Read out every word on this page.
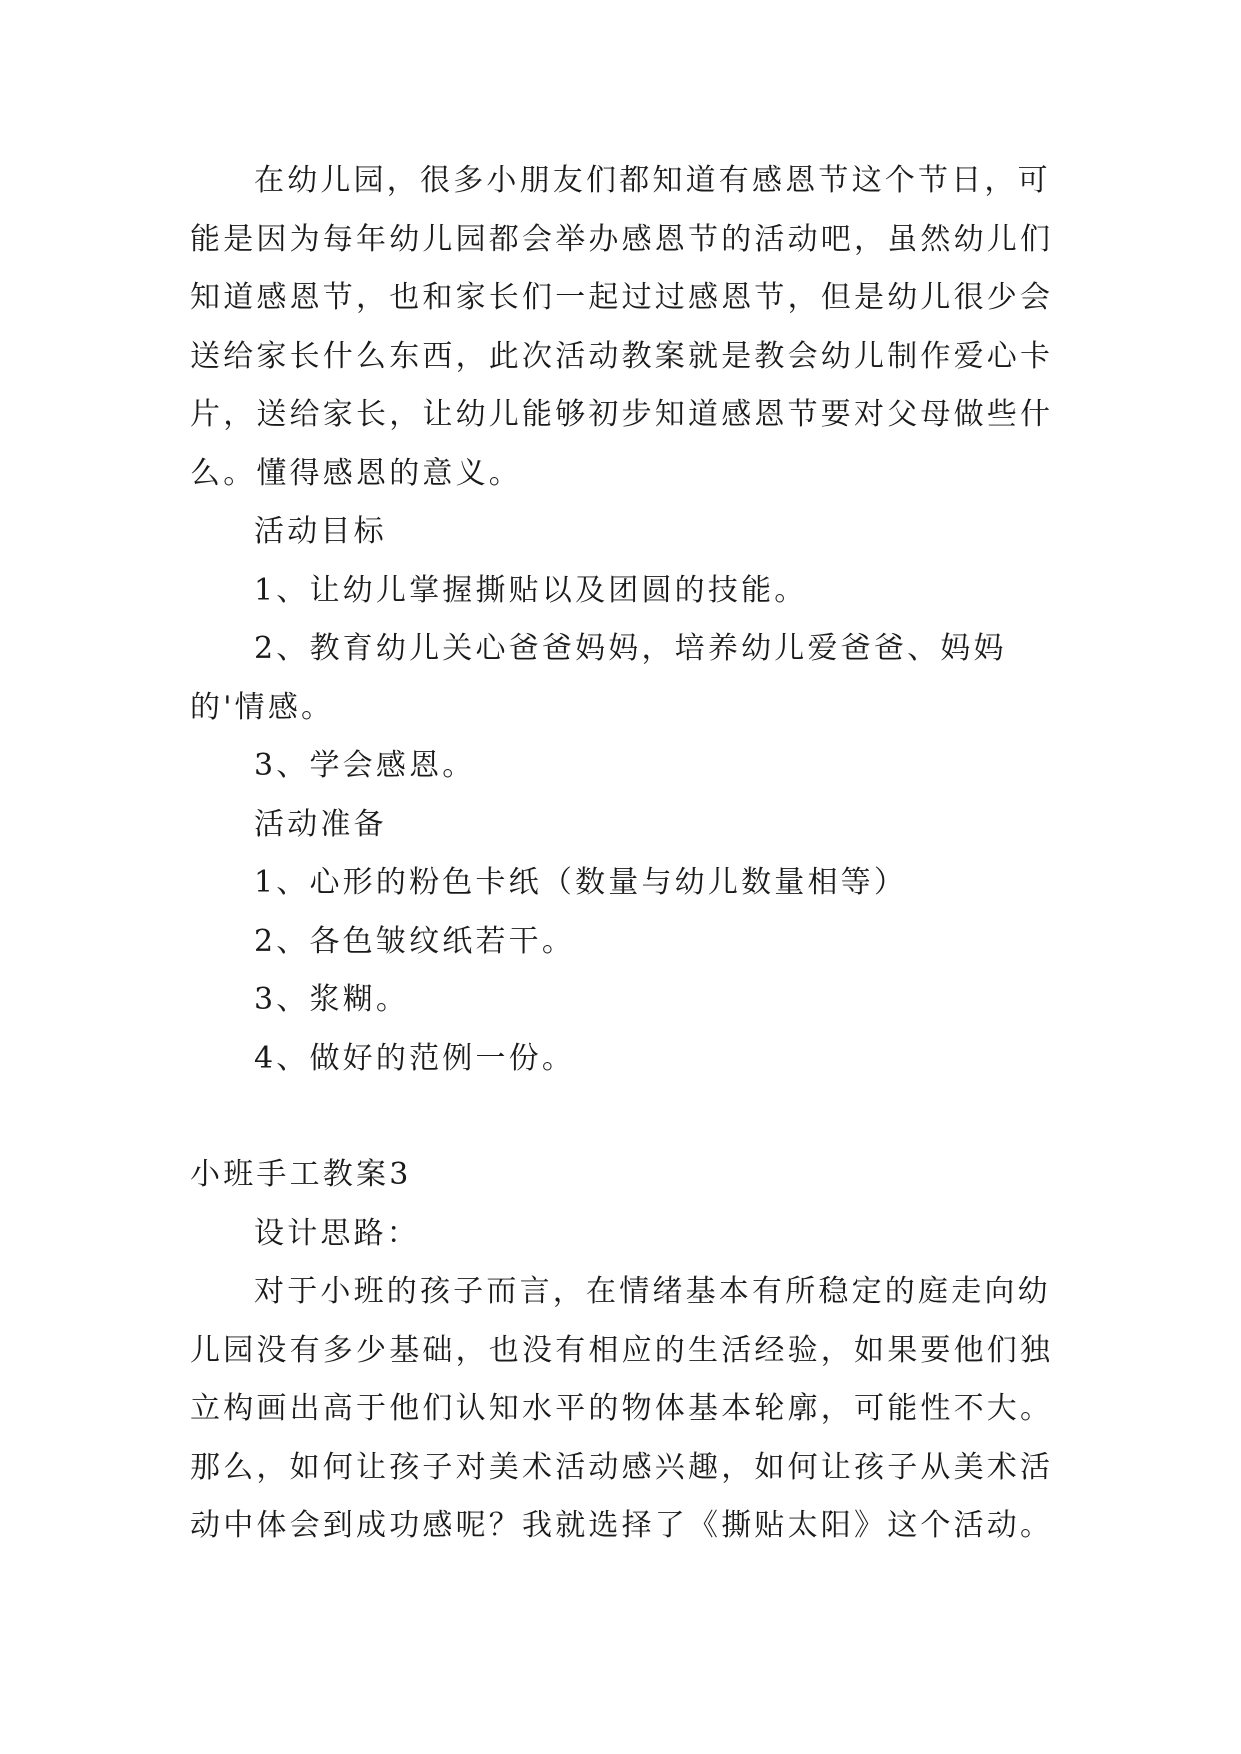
在幼儿园，很多小朋友们都知道有感恩节这个节日，可能是因为每年幼儿园都会举办感恩节的活动吧，虽然幼儿们知道感恩节，也和家长们一起过过感恩节，但是幼儿很少会送给家长什么东西，此次活动教案就是教会幼儿制作爱心卡片，送给家长，让幼儿能够初步知道感恩节要对父母做些什么。懂得感恩的意义。

活动目标

1、让幼儿掌握撕贴以及团圆的技能。

2、教育幼儿关心爸爸妈妈，培养幼儿爱爸爸、妈妈的'情感。

3、学会感恩。

活动准备

1、心形的粉色卡纸（数量与幼儿数量相等）

2、各色皱纹纸若干。

3、浆糊。

4、做好的范例一份。

小班手工教案3

设计思路：

对于小班的孩子而言，在情绪基本有所稳定的庭走向幼儿园没有多少基础，也没有相应的生活经验，如果要他们独立构画出高于他们认知水平的物体基本轮廓，可能性不大。那么，如何让孩子对美术活动感兴趣，如何让孩子从美术活动中体会到成功感呢？我就选择了《撕贴太阳》这个活动。
